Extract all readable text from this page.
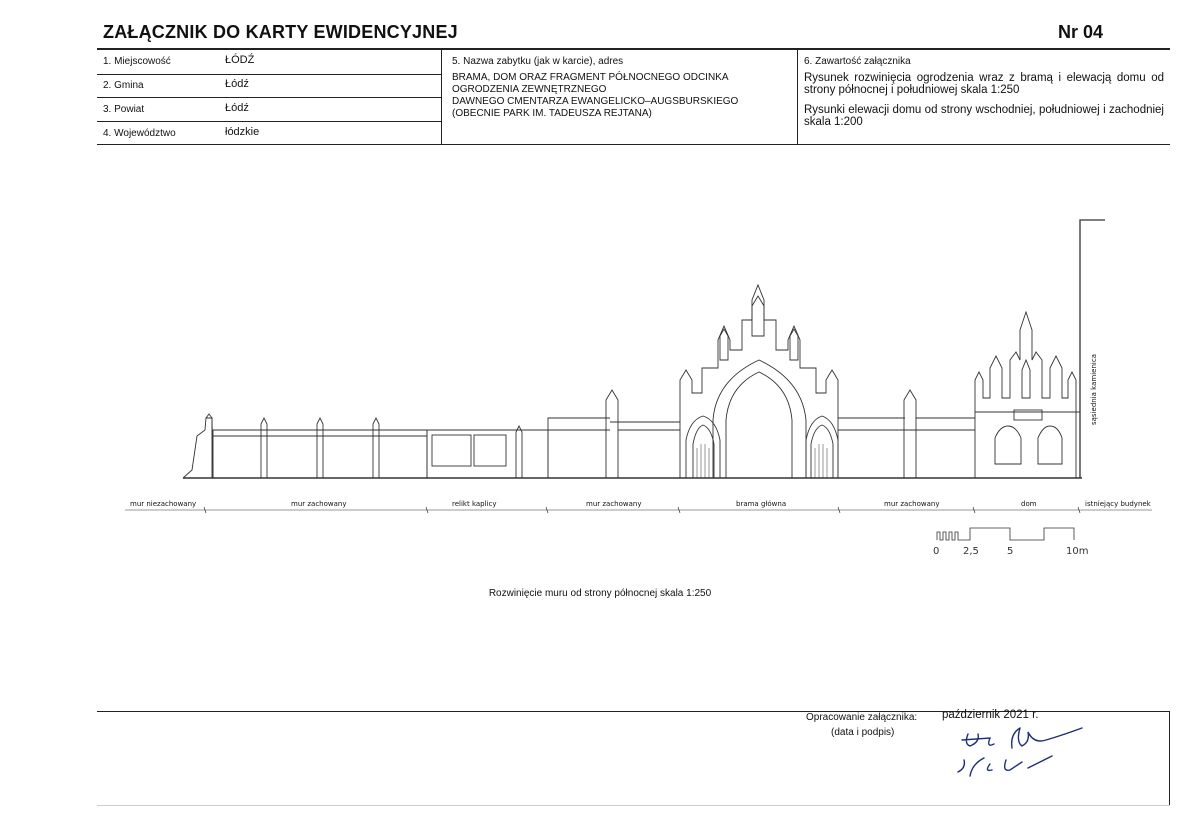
ZAŁĄCZNIK DO KARTY EWIDENCYJNEJ	Nr 04
1. Miejscowość	ŁÓDŹ
2. Gmina	Łódź
3. Powiat	Łódź
4. Województwo	łódzkie
5. Nazwa zabytku (jak w karcie), adres
BRAMA, DOM ORAZ FRAGMENT PÓŁNOCNEGO ODCINKA
OGRODZENIA ZEWNĘTRZNEGO
DAWNEGO CMENTARZA EWANGELICKO–AUGSBURSKIEGO
(OBECNIE PARK IM. TADEUSZA REJTANA)
6. Zawartość załącznika
Rysunek rozwinięcia ogrodzenia wraz z bramą i elewacją domu od strony północnej i południowej skala 1:250
Rysunki elewacji domu od strony wschodniej, południowej i zachodniej skala 1:200
mur niezachowany	mur zachowany	relikt kaplicy	mur zachowany	brama główna	mur zachowany	dom	istniejący budynek
sąsiednia kamienica
0 2,5	5	10m
Rozwinięcie muru od strony północnej skala 1:250
Opracowanie załącznika:
(data i podpis)
październik 2021 r.
